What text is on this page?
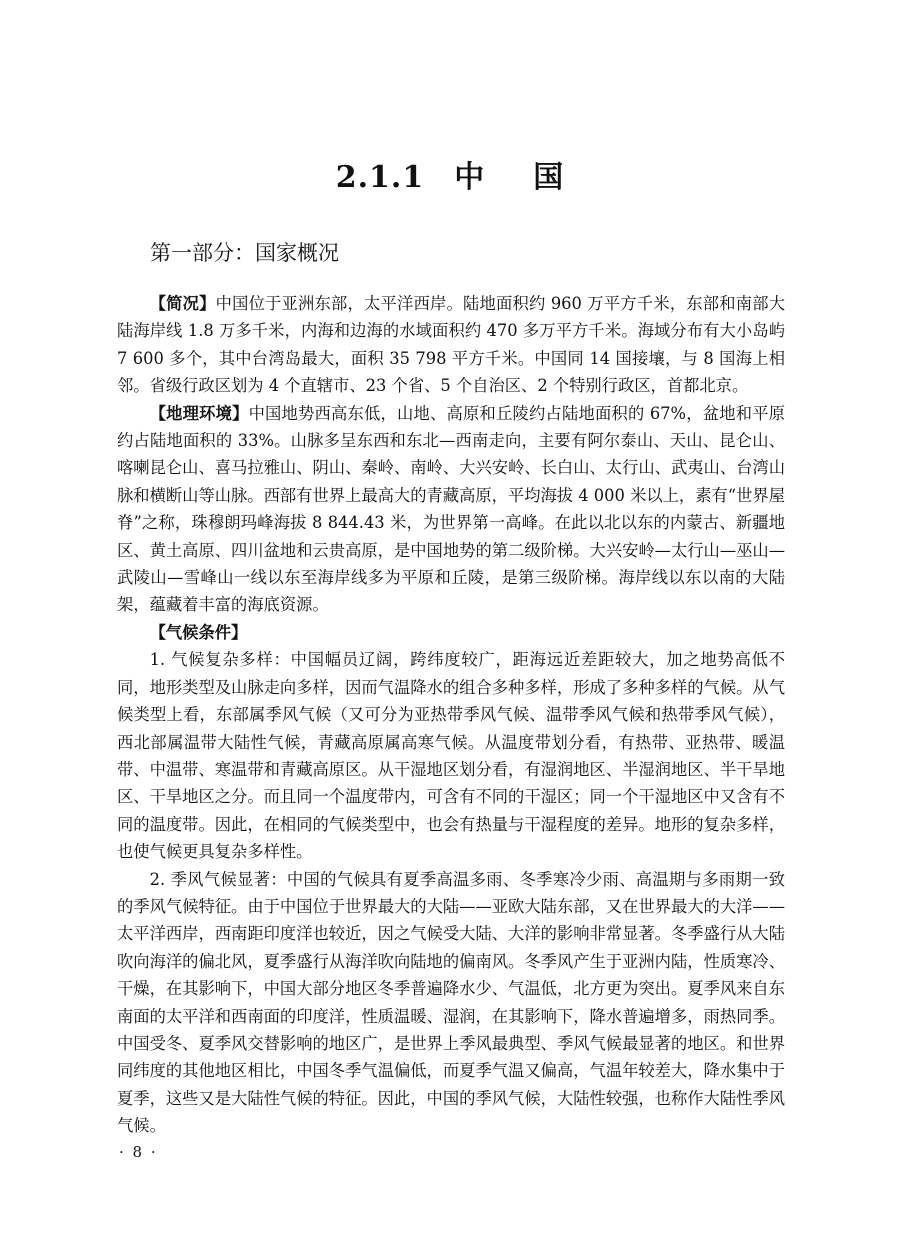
2.1.1 中 国
第一部分：国家概况

【简况】中国位于亚洲东部，太平洋西岸。陆地面积约 960 万平方千米，东部和南部大陆海岸线 1.8 万多千米，内海和边海的水域面积约 470 多万平方千米。海域分布有大小岛屿 7 600 多个，其中台湾岛最大，面积 35 798 平方千米。中国同 14 国接壤，与 8 国海上相邻。省级行政区划为 4 个直辖市、23 个省、5 个自治区、2 个特别行政区，首都北京。

【地理环境】中国地势西高东低，山地、高原和丘陵约占陆地面积的 67%，盆地和平原约占陆地面积的 33%。山脉多呈东西和东北—西南走向，主要有阿尔泰山、天山、昆仑山、喀喇昆仑山、喜马拉雅山、阴山、秦岭、南岭、大兴安岭、长白山、太行山、武夷山、台湾山脉和横断山等山脉。西部有世界上最高大的青藏高原，平均海拔 4 000 米以上，素有“世界屋脊”之称，珠穆朗玛峰海拔 8 844.43 米，为世界第一高峰。在此以北以东的内蒙古、新疆地区、黄土高原、四川盆地和云贵高原，是中国地势的第二级阶梯。大兴安岭—太行山—巫山—武陵山—雪峰山一线以东至海岸线多为平原和丘陵，是第三级阶梯。海岸线以东以南的大陆架，蕴藏着丰富的海底资源。

【气候条件】

1. 气候复杂多样：中国幅员辽阔，跨纬度较广，距海远近差距较大，加之地势高低不同，地形类型及山脉走向多样，因而气温降水的组合多种多样，形成了多种多样的气候。从气候类型上看，东部属季风气候（又可分为亚热带季风气候、温带季风气候和热带季风气候），西北部属温带大陆性气候，青藏高原属高寒气候。从温度带划分看，有热带、亚热带、暖温带、中温带、寒温带和青藏高原区。从干湿地区划分看，有湿润地区、半湿润地区、半干旱地区、干旱地区之分。而且同一个温度带内，可含有不同的干湿区；同一个干湿地区中又含有不同的温度带。因此，在相同的气候类型中，也会有热量与干湿程度的差异。地形的复杂多样，也使气候更具复杂多样性。

2. 季风气候显著：中国的气候具有夏季高温多雨、冬季寒冷少雨、高温期与多雨期一致的季风气候特征。由于中国位于世界最大的大陆——亚欧大陆东部，又在世界最大的大洋——太平洋西岸，西南距印度洋也较近，因之气候受大陆、大洋的影响非常显著。冬季盛行从大陆吹向海洋的偏北风，夏季盛行从海洋吹向陆地的偏南风。冬季风产生于亚洲内陆，性质寒冷、干燥，在其影响下，中国大部分地区冬季普遍降水少、气温低，北方更为突出。夏季风来自东南面的太平洋和西南面的印度洋，性质温暖、湿润，在其影响下，降水普遍增多，雨热同季。中国受冬、夏季风交替影响的地区广，是世界上季风最典型、季风气候最显著的地区。和世界同纬度的其他地区相比，中国冬季气温偏低，而夏季气温又偏高，气温年较差大，降水集中于夏季，这些又是大陆性气候的特征。因此，中国的季风气候，大陆性较强，也称作大陆性季风气候。

· 8 ·
